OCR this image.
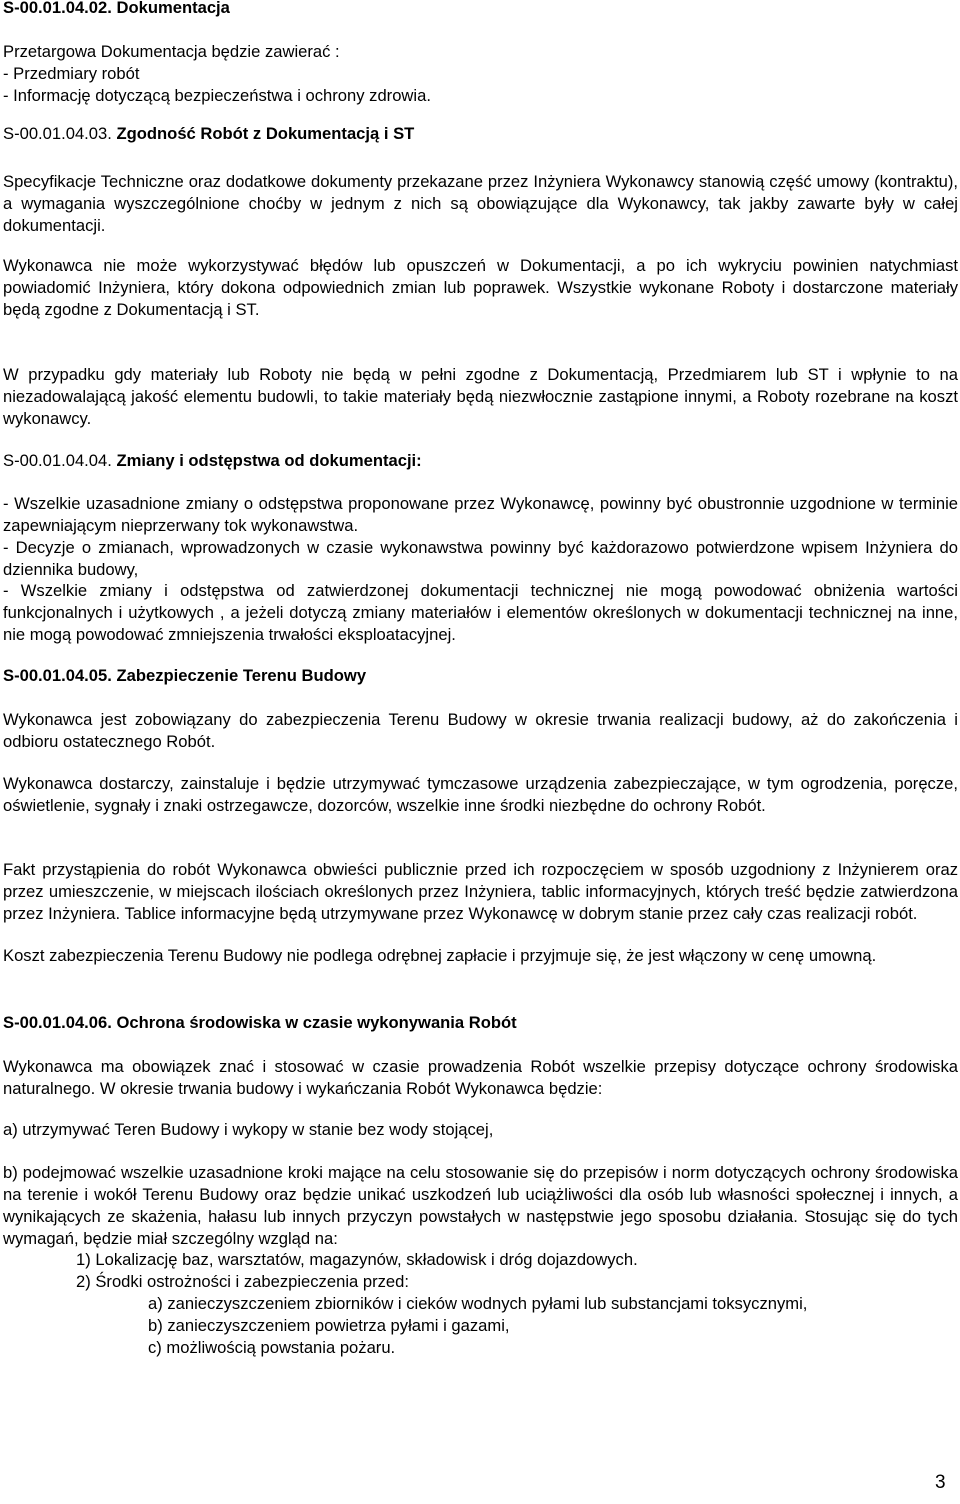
S-00.01.04.02. Dokumentacja
Przetargowa Dokumentacja będzie zawierać :
- Przedmiary robót
- Informację dotyczącą bezpieczeństwa i ochrony zdrowia.
S-00.01.04.03. Zgodność Robót z Dokumentacją i ST

Specyfikacje Techniczne oraz dodatkowe dokumenty przekazane przez Inżyniera Wykonawcy stanowią część umowy (kontraktu), a wymagania wyszczególnione choćby w jednym z nich są obowiązujące dla Wykonawcy, tak jakby zawarte były w całej dokumentacji.

Wykonawca nie może wykorzystywać błędów lub opuszczeń w Dokumentacji, a po ich wykryciu powinien natychmiast powiadomić Inżyniera, który dokona odpowiednich zmian lub poprawek. Wszystkie wykonane Roboty i dostarczone materiały będą zgodne z Dokumentacją i ST.

W przypadku gdy materiały lub Roboty nie będą w pełni zgodne z Dokumentacją, Przedmiarem lub ST i wpłynie to na niezadowalającą jakość elementu budowli, to takie materiały będą niezwłocznie zastąpione innymi, a Roboty rozebrane na koszt wykonawcy.

S-00.01.04.04. Zmiany i odstępstwa od dokumentacji:

- Wszelkie uzasadnione zmiany o odstępstwa proponowane przez Wykonawcę, powinny być obustronnie uzgodnione w terminie zapewniającym nieprzerwany tok wykonawstwa.

- Decyzje o zmianach, wprowadzonych w czasie wykonawstwa powinny być każdorazowo potwierdzone wpisem Inżyniera do dziennika budowy,

- Wszelkie zmiany i odstępstwa od zatwierdzonej dokumentacji technicznej nie mogą powodować obniżenia wartości funkcjonalnych i użytkowych , a jeżeli dotyczą zmiany materiałów i elementów określonych w dokumentacji technicznej na inne, nie mogą powodować zmniejszenia trwałości eksploatacyjnej.

S-00.01.04.05. Zabezpieczenie Terenu Budowy

Wykonawca jest zobowiązany do zabezpieczenia Terenu Budowy w okresie trwania realizacji budowy, aż do zakończenia i odbioru ostatecznego Robót.

Wykonawca dostarczy, zainstaluje i będzie utrzymywać tymczasowe urządzenia zabezpieczające, w tym ogrodzenia, poręcze, oświetlenie, sygnały i znaki ostrzegawcze, dozorców, wszelkie inne środki niezbędne do ochrony Robót.

Fakt przystąpienia do robót Wykonawca obwieści publicznie przed ich rozpoczęciem w sposób uzgodniony z Inżynierem oraz przez umieszczenie, w miejscach ilościach określonych przez Inżyniera, tablic informacyjnych, których treść będzie zatwierdzona przez Inżyniera. Tablice informacyjne będą utrzymywane przez Wykonawcę w dobrym stanie przez cały czas realizacji robót.

Koszt zabezpieczenia Terenu Budowy nie podlega odrębnej zapłacie i przyjmuje się, że jest włączony w cenę umowną.

S-00.01.04.06. Ochrona środowiska w czasie wykonywania Robót

Wykonawca ma obowiązek znać i stosować w czasie prowadzenia Robót wszelkie przepisy dotyczące ochrony środowiska naturalnego. W okresie trwania budowy i wykańczania Robót Wykonawca będzie:

a) utrzymywać Teren Budowy i wykopy w stanie bez wody stojącej,

b) podejmować wszelkie uzasadnione kroki mające na celu stosowanie się do przepisów i norm dotyczących ochrony środowiska na terenie i wokół Terenu Budowy oraz będzie unikać uszkodzeń lub uciążliwości dla osób lub własności społecznej i innych, a wynikających ze skażenia, hałasu lub innych przyczyn powstałych w następstwie jego sposobu działania. Stosując się do tych wymagań, będzie miał szczególny wzgląd na:

1) Lokalizację baz, warsztatów, magazynów, składowisk i dróg dojazdowych.
2) Środki ostrożności i zabezpieczenia przed:
a) zanieczyszczeniem zbiorników i cieków wodnych pyłami lub substancjami toksycznymi,
b) zanieczyszczeniem powietrza pyłami i gazami,
c) możliwością powstania pożaru.
3
